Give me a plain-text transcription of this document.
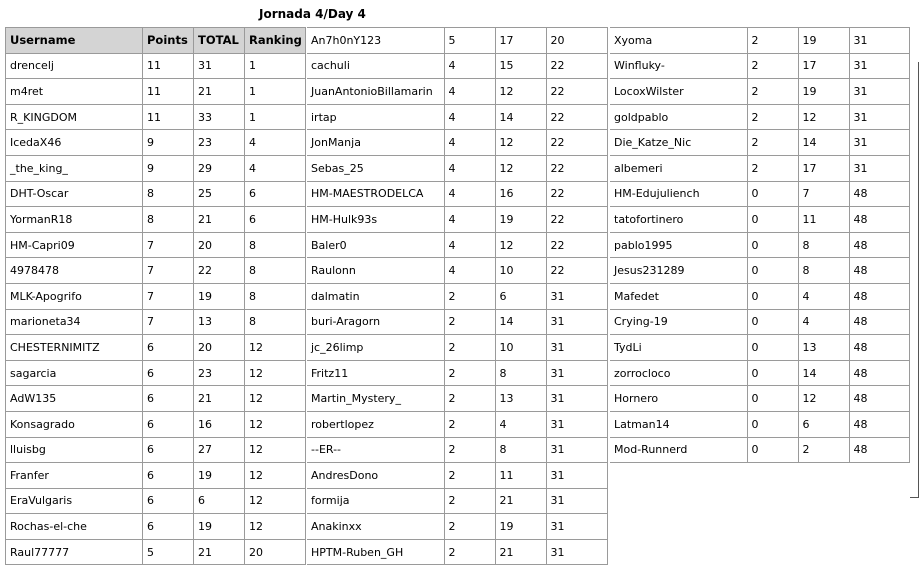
Jornada 4/Day 4
Username	Points	TOTAL	Ranking
drencelj	11	31	1
m4ret	11	21	1
R_KINGDOM	11	33	1
IcedaX46	9	23	4
_the_king_	9	29	4
DHT-Oscar	8	25	6
YormanR18	8	21	6
HM-Capri09	7	20	8
4978478	7	22	8
MLK-Apogrifo	7	19	8
marioneta34	7	13	8
CHESTERNIMITZ	6	20	12
sagarcia	6	23	12
AdW135	6	21	12
Konsagrado	6	16	12
lluisbg	6	27	12
Franfer	6	19	12
EraVulgaris	6	6	12
Rochas-el-che	6	19	12
Raul77777	5	21	20
An7h0nY123	5	17	20
cachuli	4	15	22
JuanAntonioBillamarin	4	12	22
irtap	4	14	22
JonManja	4	12	22
Sebas_25	4	12	22
HM-MAESTRODELCA	4	16	22
HM-Hulk93s	4	19	22
Baler0	4	12	22
Raulonn	4	10	22
dalmatin	2	6	31
buri-Aragorn	2	14	31
jc_26limp	2	10	31
Fritz11	2	8	31
Martin_Mystery_	2	13	31
robertlopez	2	4	31
--ER--	2	8	31
AndresDono	2	11	31
formija	2	21	31
Anakinxx	2	19	31
HPTM-Ruben_GH	2	21	31
Xyoma	2	19	31
Winfluky-	2	17	31
LocoxWilster	2	19	31
goldpablo	2	12	31
Die_Katze_Nic	2	14	31
albemeri	2	17	31
HM-Edujulienc​h	0	7	48
tatofortinero	0	11	48
pablo1995	0	8	48
Jesus231289	0	8	48
Mafedet	0	4	48
Crying-19	0	4	48
TydLi	0	13	48
zorrocloco	0	14	48
Hornero	0	12	48
Latman14	0	6	48
Mod-Runnerd	0	2	48
